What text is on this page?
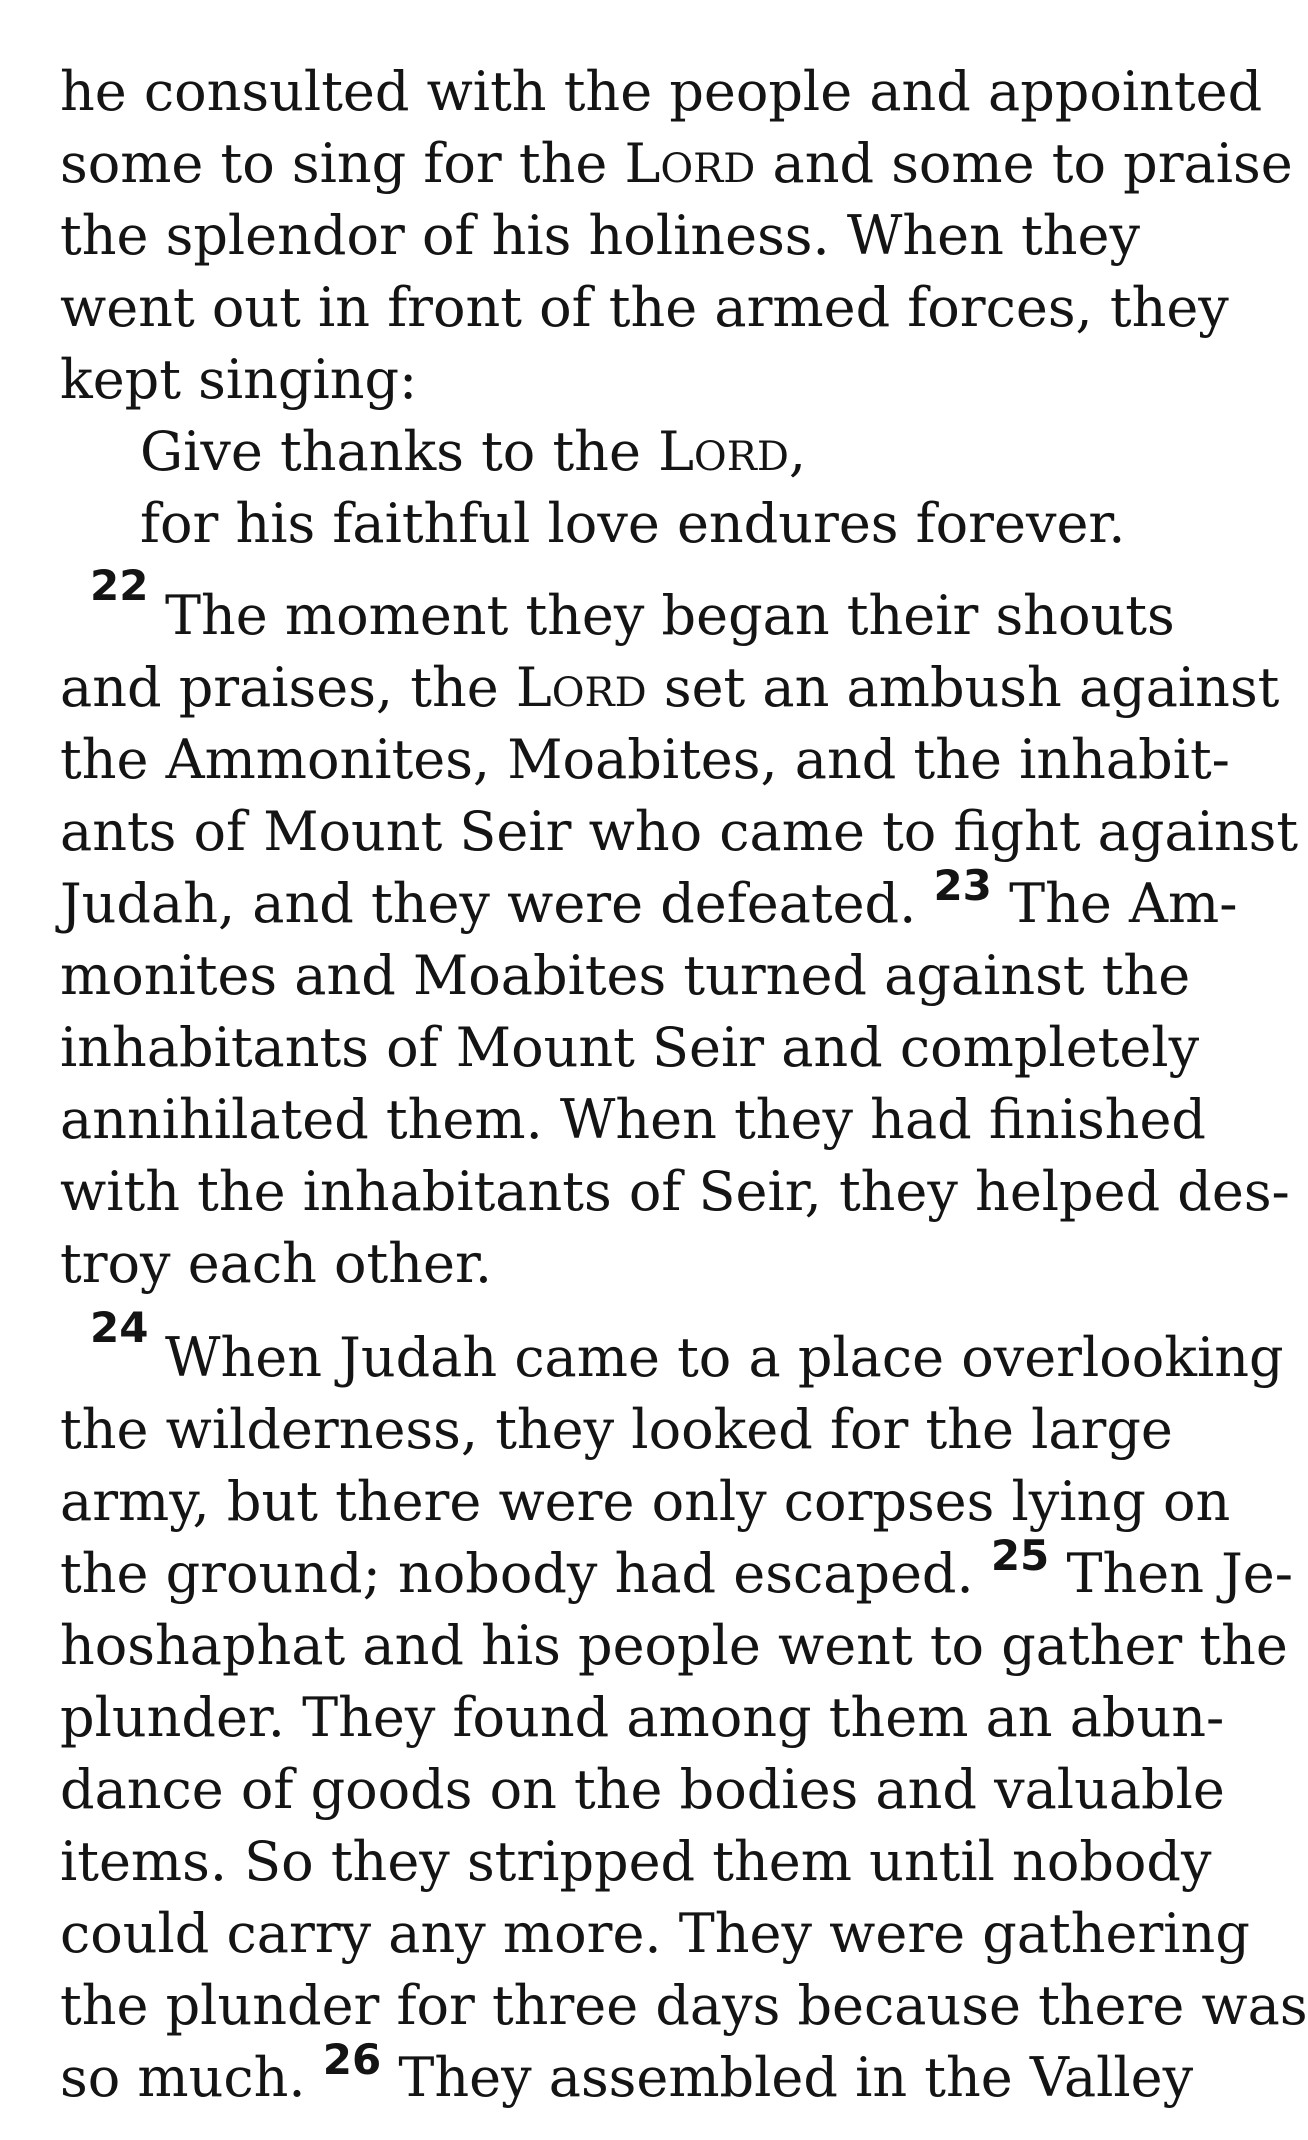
he consulted with the people and appointed
some to sing for the LORD and some to praise
the splendor of his holiness. When they
went out in front of the armed forces, they
kept singing:
Give thanks to the LORD,
for his faithful love endures forever.
22 The moment they began their shouts
and praises, the LORD set an ambush against
the Ammonites, Moabites, and the inhabit-
ants of Mount Seir who came to fight against
Judah, and they were defeated. $^{23}$ The Am-
monites and Moabites turned against the
inhabitants of Mount Seir and completely
annihilated them. When they had finished
with the inhabitants of Seir, they helped des-
troy each other.
24 When Judah came to a place overlooking
the wilderness, they looked for the large
army, but there were only corpses lying on
the ground; nobody had escaped. $^{25}$ Then Je-
hoshaphat and his people went to gather the
plunder. They found among them an abun-
dance of goods on the bodies and valuable
items. So they stripped them until nobody
could carry any more. They were gathering
the plunder for three days because there was
so much. $^{26}$ They assembled in the Valley
